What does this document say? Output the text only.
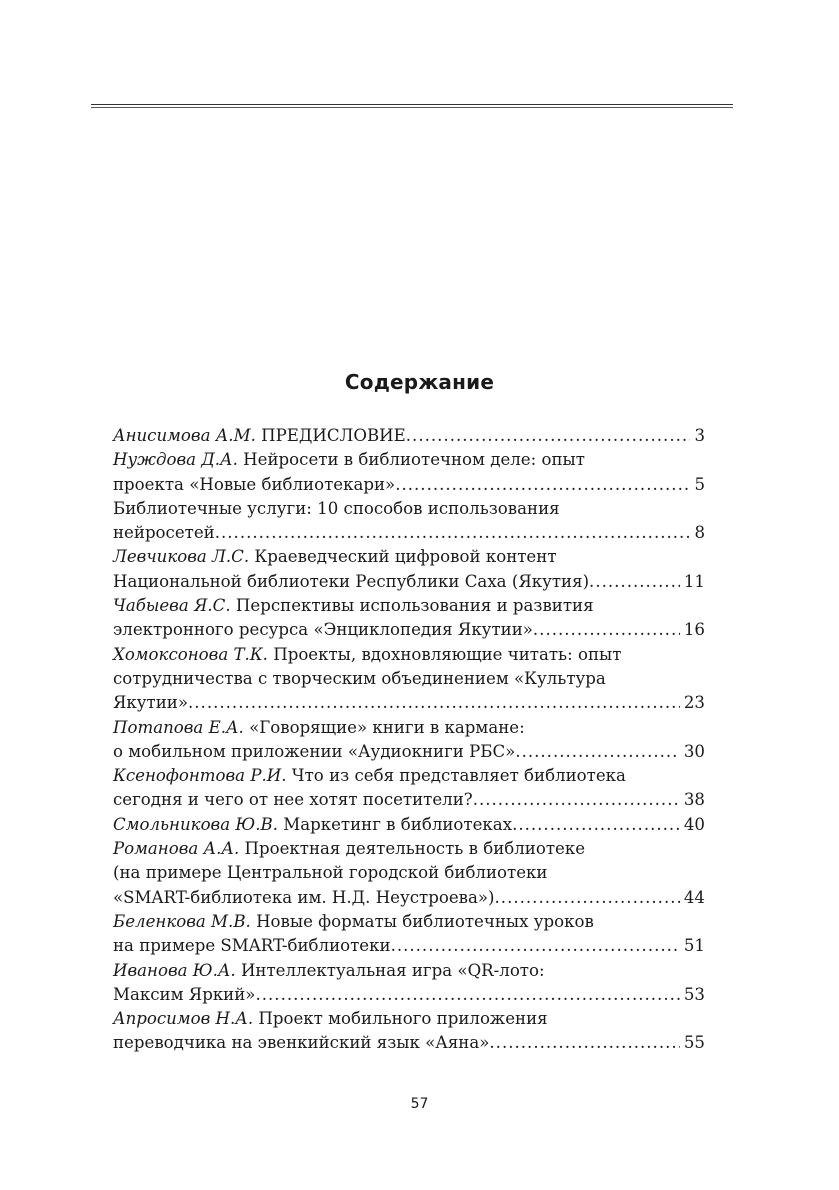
Содержание
Анисимова А.М. ПРЕДИСЛОВИЕ .....	3
Нуждова Д.А. Нейросети в библиотечном деле: опыт
проекта «Новые библиотекари» .....	5
Библиотечные услуги: 10 способов использования
нейросетей .....	8
Левчикова Л.С. Краеведческий цифровой контент
Национальной библиотеки Республики Саха (Якутия) .....	11
Чабыева Я.С. Перспективы использования и развития
электронного ресурса «Энциклопедия Якутии» .....	16
Хомоксонова Т.К. Проекты, вдохновляющие читать: опыт
сотрудничества с творческим объединением «Культура
Якутии» .....	23
Потапова Е.А. «Говорящие» книги в кармане:
о мобильном приложении «Аудиокниги РБС» .....	30
Ксенофонтова Р.И. Что из себя представляет библиотека
сегодня и чего от нее хотят посетители? .....	38
Смольникова Ю.В. Маркетинг в библиотеках .....	40
Романова А.А. Проектная деятельность в библиотеке
(на примере Центральной городской библиотеки
«SMART-библиотека им. Н.Д. Неустроева») .....	44
Беленкова М.В. Новые форматы библиотечных уроков
на примере SMART-библиотеки .....	51
Иванова Ю.А. Интеллектуальная игра «QR-лото:
Максим Яркий» .....	53
Апросимов Н.А. Проект мобильного приложения
переводчика на эвенкийский язык «Аяна» .....	55
57
